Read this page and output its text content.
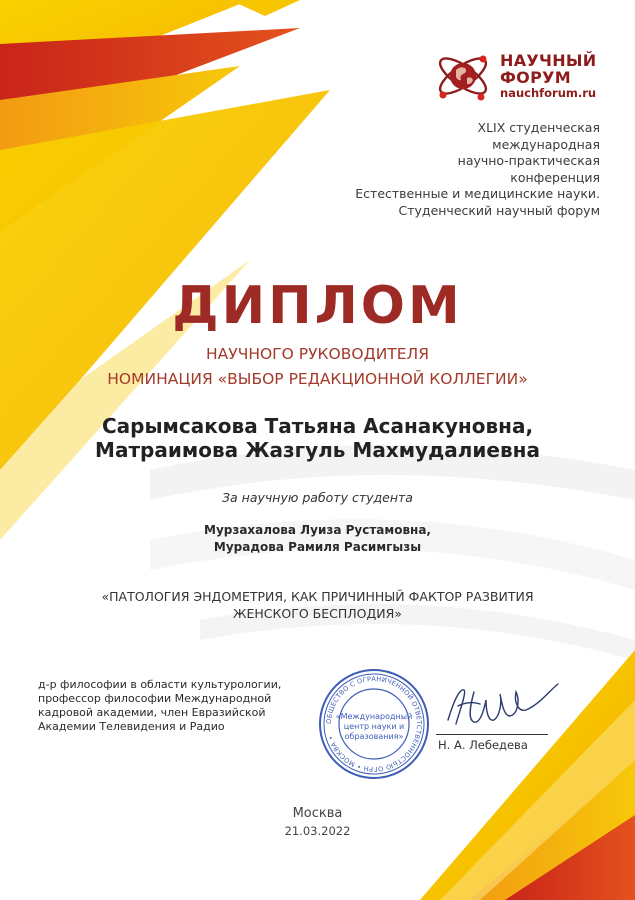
НАУЧНЫЙ
ФОРУМ
nauchforum.ru
XLIX студенческая
международная
научно-практическая
конференция
Естественные и медицинские науки.
Студенческий научный форум
ДИПЛОМ
НАУЧНОГО РУКОВОДИТЕЛЯ
НОМИНАЦИЯ «ВЫБОР РЕДАКЦИОННОЙ КОЛЛЕГИИ»
Сарымсакова Татьяна Асанакуновна,
Матраимова Жазгуль Махмудалиевна
За научную работу студента
Мурзахалова Луиза Рустамовна,
Мурадова Рамиля Расимгызы
«ПАТОЛОГИЯ ЭНДОМЕТРИЯ, КАК ПРИЧИННЫЙ ФАКТОР РАЗВИТИЯ
ЖЕНСКОГО БЕСПЛОДИЯ»
д-р философии в области культурологии,
профессор философии Международной
кадровой академии, член Евразийской
Академии Телевидения и Радио	ОБЩЕСТВО С ОГРАНИЧЕННОЙ ОТВЕТСТВЕННОСТЬЮ ОГРН • МОСКВА •
«Международный
центр науки и
образования»
Н. А. Лебедева
Москва
21.03.2022
